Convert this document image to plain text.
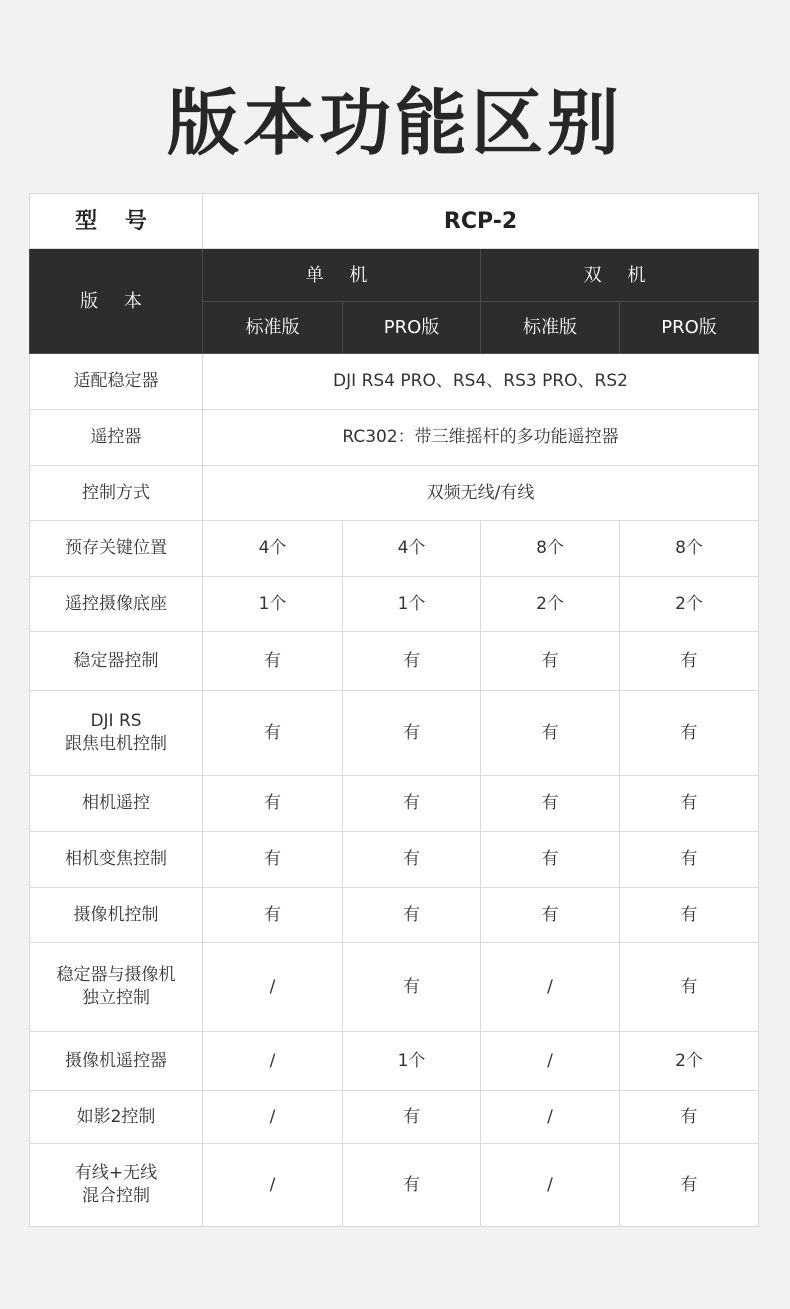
版本功能区别
型 号	RCP-2			
版 本	单 机		双 机	
	标准版	PRO版	标准版	PRO版
适配稳定器	DJI RS4 PRO、RS4、RS3 PRO、RS2			
遥控器	RC302：带三维摇杆的多功能遥控器			
控制方式	双频无线/有线			
预存关键位置	4个	4个	8个	8个
遥控摄像底座	1个	1个	2个	2个
稳定器控制	有	有	有	有

DJI RS
跟焦电机控制	有	有	有	有
相机遥控	有	有	有	有
相机变焦控制	有	有	有	有
摄像机控制	有	有	有	有

稳定器与摄像机
独立控制	/	有	/	有
摄像机遥控器	/	1个	/	2个
如影2控制	/	有	/	有

有线+无线
混合控制	/	有	/	有
